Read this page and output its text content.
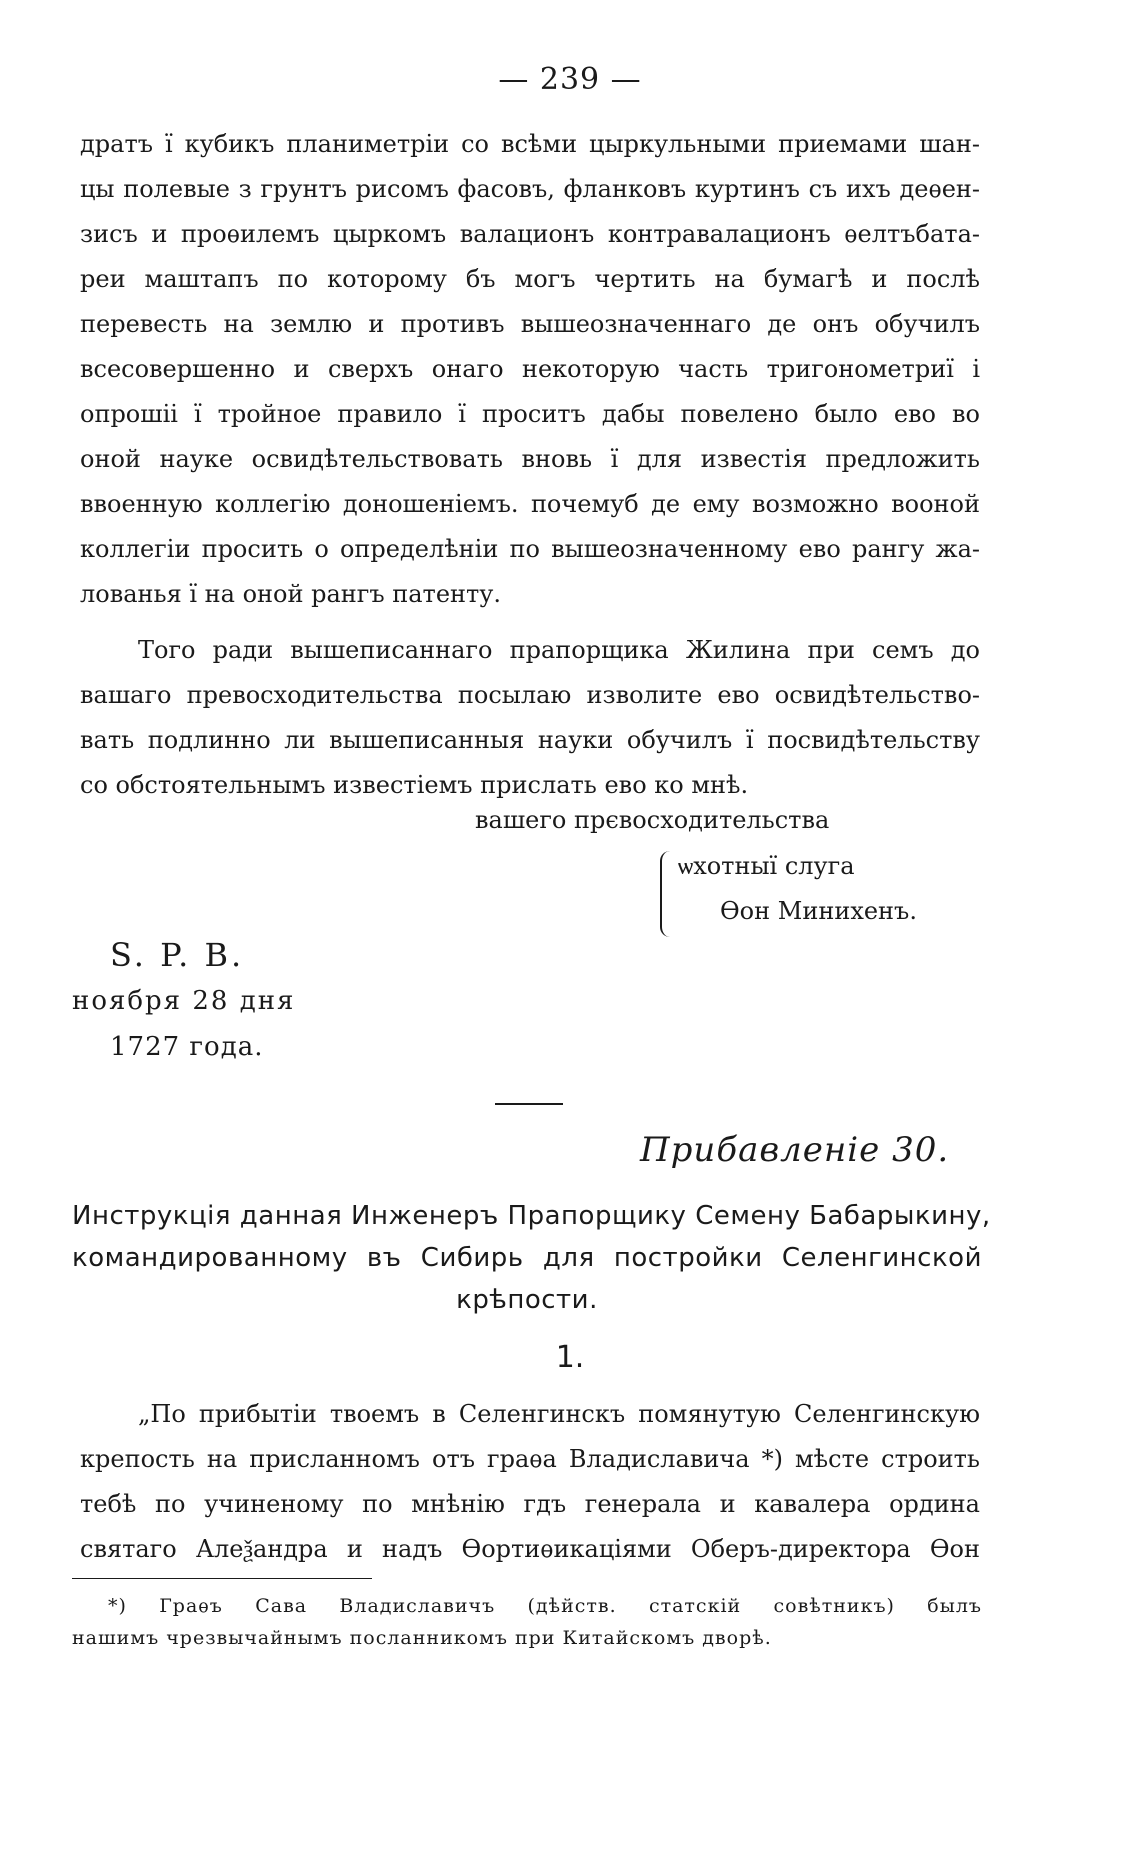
— 239 —

дратъ ї кубикъ планиметріи со всѣми цыркульными приемами шан-
цы полевые з грунтъ рисомъ фасовъ, фланковъ куртинъ съ ихъ деѳен-
зисъ и проѳилемъ цыркомъ валационъ контравалационъ ѳелтъбата-
реи маштапъ по которому бъ могъ чертить на бумагѣ и послѣ
перевесть на землю и противъ вышеозначеннаго де онъ обучилъ
всесовершенно и сверхъ онаго некоторую часть тригонометриї і
опрошіі ї тройное правило ї проситъ дабы повелено было ево во
оной науке освидѣтельствовать вновь ї для известія предложить
ввоенную коллегію доношеніемъ. почемуб де ему возможно вооной
коллегіи просить о определѣніи по вышеозначенному ево рангу жа-
лованья ї на оной рангъ патенту.

Того ради вышеписаннаго прапорщика Жилина при семъ до
вашаго превосходительства посылаю изволите ево освидѣтельство-
вать подлинно ли вышеписанныя науки обучилъ ї посвидѣтельству
со обстоятельнымъ известіемъ прислать ево ко мнѣ.

вашего прєвосходительства
ѡхотныї слуга
Ѳон Минихенъ.
S. P. B.
ноября 28 дня
1727 года.
Прибавленіе 30.

Инструкція данная Инженеръ Прапорщику Семену Бабарыкину,
командированному въ Сибирь для постройки Селенгинской
крѣпости.

1.

„По прибытіи твоемъ в Селенгинскъ помянутую Селенгинскую
крепость на присланномъ отъ граѳа Владиславича *) мѣсте строить
тебѣ по учиненому по мнѣнію гдъ генерала и кавалера ордина
святаго Алеѯандра и надъ Ѳортиѳикаціями Оберъ-директора Ѳон

*) Граѳъ Сава Владиславичъ (дѣйств. статскій совѣтникъ) былъ
нашимъ чрезвычайнымъ посланникомъ при Китайскомъ дворѣ.
